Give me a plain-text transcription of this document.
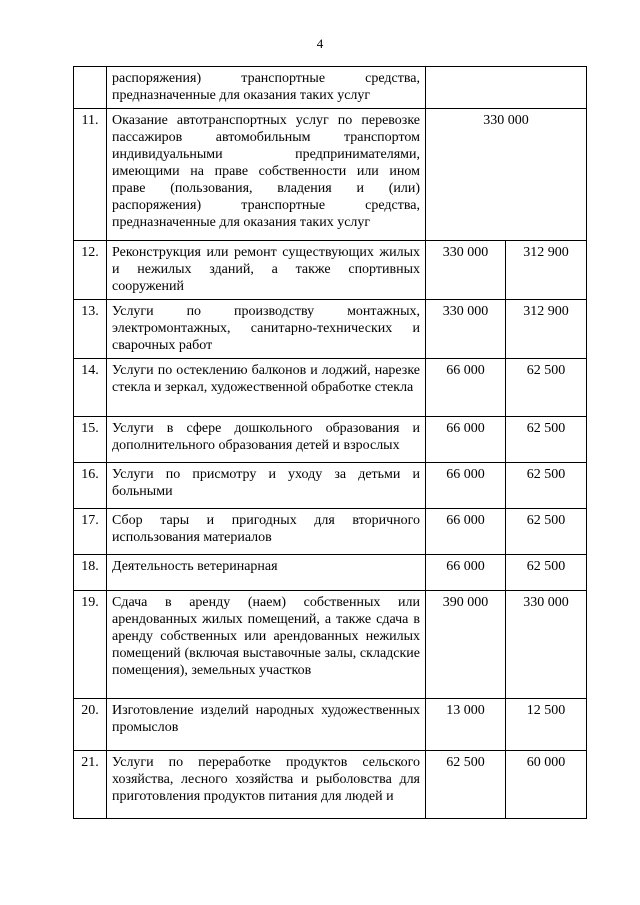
4
	распоряжения) транспортные средства, предназначенные для оказания таких услуг		
11.	Оказание автотранспортных услуг по перевозке пассажиров автомобильным транспортом индивидуальными предпринимателями, имеющими на праве собственности или ином праве (пользования, владения и (или) распоряжения) транспортные средства, предназначенные для оказания таких услуг	330 000	
12.	Реконструкция или ремонт существующих жилых и нежилых зданий, а также спортивных сооружений	330 000	312 900
13.	Услуги по производству монтажных, электромонтажных, санитарно-технических и сварочных работ	330 000	312 900
14.	Услуги по остеклению балконов и лоджий, нарезке стекла и зеркал, художественной обработке стекла	66 000	62 500
15.	Услуги в сфере дошкольного образования и дополнительного образования детей и взрослых	66 000	62 500
16.	Услуги по присмотру и уходу за детьми и больными	66 000	62 500
17.	Сбор тары и пригодных для вторичного использования материалов	66 000	62 500
18.	Деятельность ветеринарная	66 000	62 500
19.	Сдача в аренду (наем) собственных или арендованных жилых помещений, а также сдача в аренду собственных или арендованных нежилых помещений (включая выставочные залы, складские помещения), земельных участков	390 000	330 000
20.	Изготовление изделий народных художественных промыслов	13 000	12 500
21.	Услуги по переработке продуктов сельского хозяйства, лесного хозяйства и рыболовства для приготовления продуктов питания для людей и	62 500	60 000
